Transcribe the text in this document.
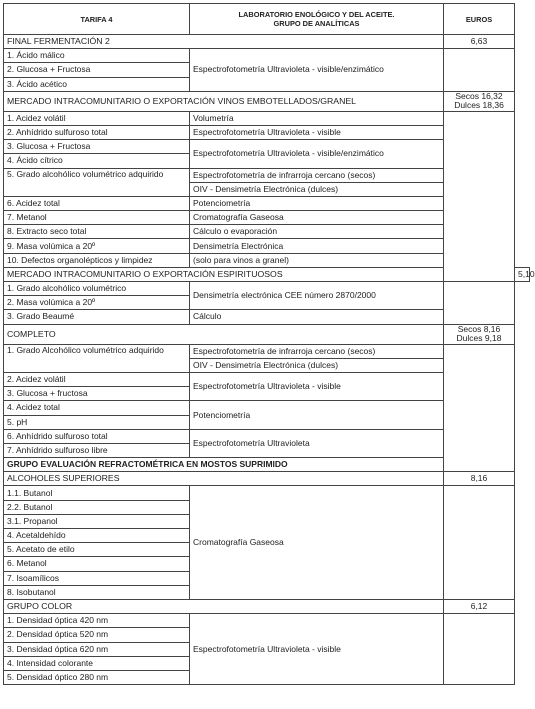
TARIFA 4	LABORATORIO ENOLÓGICO Y DEL ACEITE.
GRUPO DE ANALÍTICAS	EUROS	
FINAL FERMENTACIÓN 2		6,63	
1. Ácido málico	Espectrofotometría Ultravioleta - visible/enzimático		
2. Glucosa + Fructosa			
3. Ácido acético			
MERCADO INTRACOMUNITARIO O EXPORTACIÓN VINOS EMBOTELLADOS/GRANEL		Secos 16,32
Dulces 18,36	
1. Acidez volátil	Volumetría		
2. Anhídrido sulfuroso total	Espectrofotometría Ultravioleta - visible		
3. Glucosa + Fructosa	Espectrofotometría Ultravioleta - visible/enzimático		
4. Ácido cítrico			
5. Grado alcohólico volumétrico adquirido	Espectrofotometría de infrarroja cercano (secos)		
	OIV - Densimetría Electrónica (dulces)		
6. Acidez total	Potenciometría		
7. Metanol	Cromatografía Gaseosa		
8. Extracto seco total	Cálculo o evaporación		
9. Masa volúmica a 20º	Densimetría Electrónica		
10. Defectos organolépticos y limpidez	(solo para vinos a granel)		
MERCADO INTRACOMUNITARIO O EXPORTACIÓN ESPIRITUOSOS			5,10
1. Grado alcohólico volumétrico	Densimetría electrónica CEE número 2870/2000		
2. Masa volúmica a 20º			
3. Grado Beaumé	Cálculo		
COMPLETO		Secos 8,16
Dulces 9,18	
1. Grado Alcohólico volumétrico adquirido	Espectrofotometría de infrarroja cercano (secos)		
	OIV - Densimetría Electrónica (dulces)		
2. Acidez volátil	Espectrofotometría Ultravioleta - visible		
3. Glucosa + fructosa			
4. Acidez total	Potenciometría		
5. pH			
6. Anhídrido sulfuroso total	Espectrofotometría Ultravioleta		
7. Anhídrido sulfuroso libre			
GRUPO EVALUACIÓN REFRACTOMÉTRICA EN MOSTOS SUPRIMIDO			
ALCOHOLES SUPERIORES		8,16	
1.1. Butanol	Cromatografía Gaseosa		
2.2. Butanol			
3.1. Propanol			
4. Acetaldehído			
5. Acetato de etilo			
6. Metanol			
7. Isoamílicos			
8. Isobutanol			
GRUPO COLOR		6,12	
1. Densidad óptica 420 nm	Espectrofotometría Ultravioleta - visible		
2. Densidad óptica 520 nm			
3. Densidad óptica 620 nm			
4. Intensidad colorante			
5. Densidad óptico 280 nm			
